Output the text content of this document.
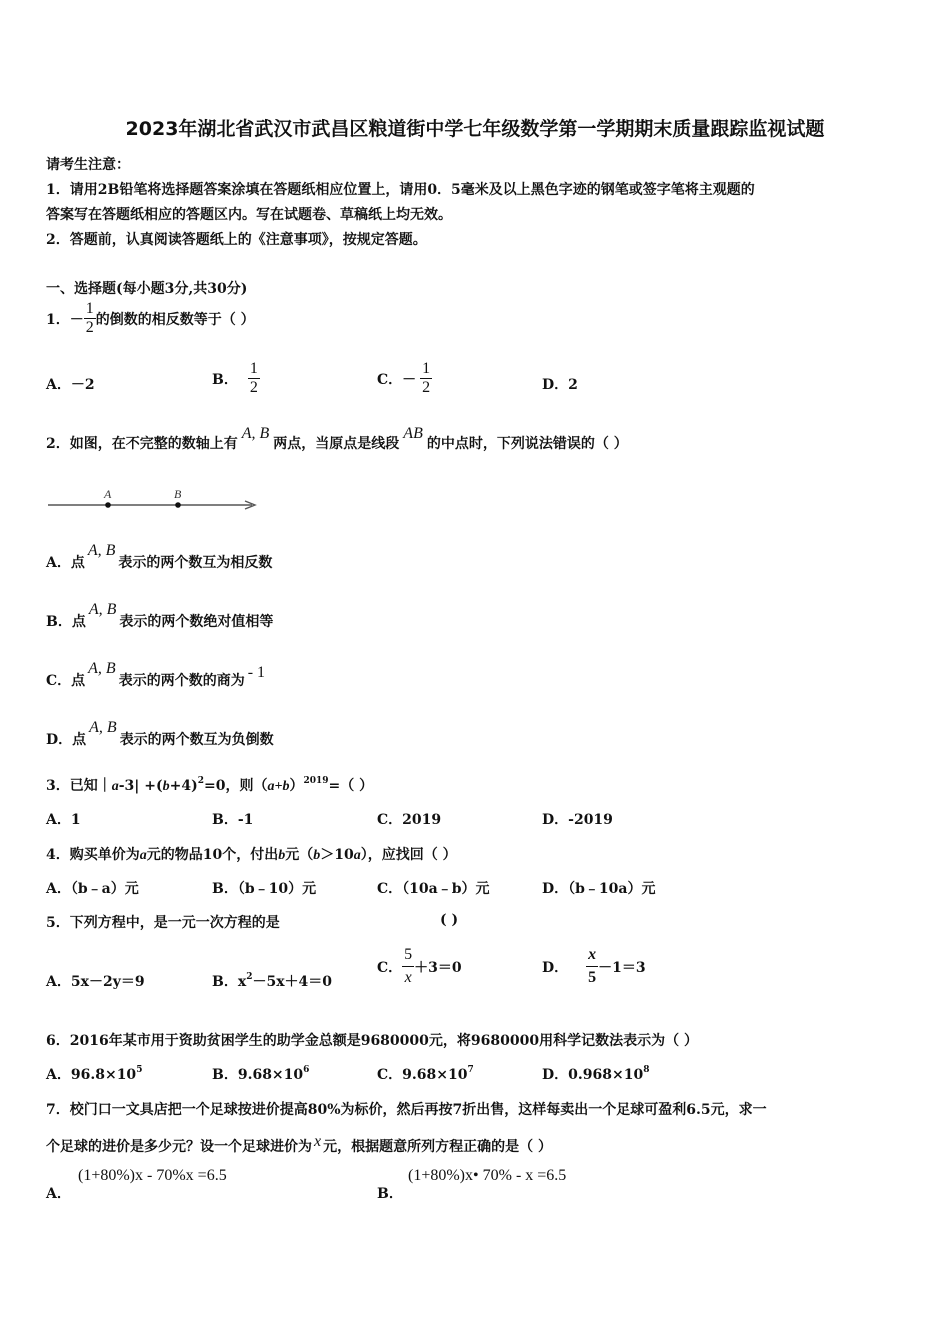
2023年湖北省武汉市武昌区粮道街中学七年级数学第一学期期末质量跟踪监视试题
请考生注意：
1．请用2B铅笔将选择题答案涂填在答题纸相应位置上，请用0．5毫米及以上黑色字迹的钢笔或签字笔将主观题的
答案写在答题纸相应的答题区内。写在试题卷、草稿纸上均无效。
2．答题前，认真阅读答题纸上的《注意事项》，按规定答题。
一、选择题(每小题3分,共30分)
1．－ $\frac{1}{2}$ 的倒数的相反数等于（ ）
A．－2	B． $\frac{1}{2}$	C．－ $\frac{1}{2}$	D．2
2．如图，在不完整的数轴上有A, B两点，当原点是线段AB的中点时，下列说法错误的（ ）
A	B
A．点A, B表示的两个数互为相反数
B．点A, B表示的两个数绝对值相等
C．点A, B表示的两个数的商为 - 1
D．点A, B表示的两个数互为负倒数
3．已知｜a-3| $+(b+4)^2=0$，则$(a+b)^{2019}=$（ ）
A．1	B．-1	C．2019	D．-2019
4．购买单价为a元的物品10个，付出b元（b＞10a），应找回（ ）
A．（b﹣a）元	B．（b﹣10）元	C．（10a﹣b）元	D．（b﹣10a）元
5．下列方程中，是一元一次方程的是	( )
A．5x－2y＝9	B．$x^2-5x+4=0$
C． $\frac{5}{x} +3=0$	D． $\frac{x}{5} -1=3$
6．2016年某市用于资助贫困学生的助学金总额是9680000元，将9680000用科学记数法表示为（ ）
A．$96.8\times 10^5$	B．$9.68\times 10^6$	C．$9.68\times 10^7$	D．$0.968\times 10^8$
7．校门口一文具店把一个足球按进价提高80%为标价，然后再按7折出售，这样每卖出一个足球可盈利6.5元，求一
个足球的进价是多少元？设一个足球进价为 x 元，根据题意所列方程正确的是（ ）
A．
(1+80%)x - 70%x =6.5
B．
(1+80%)x• 70% - x =6.5
